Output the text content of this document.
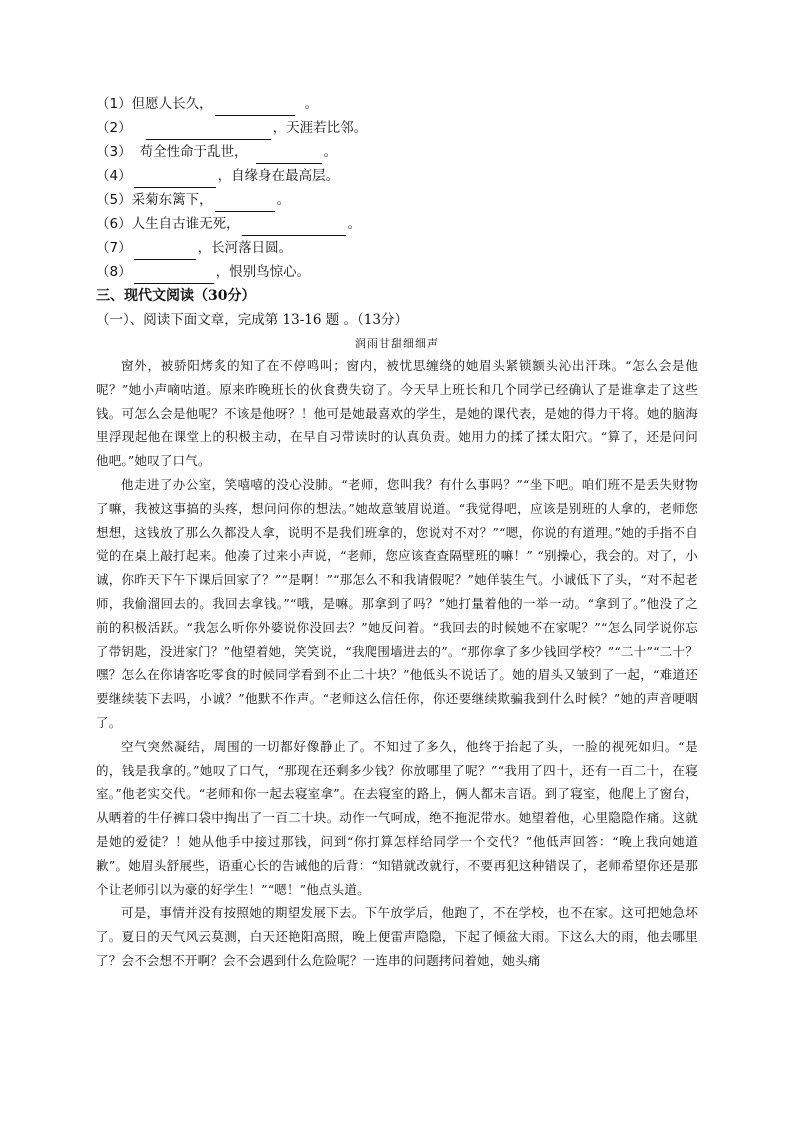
（1） 但愿人长久，	。
（2）	，天涯若比邻。
（3） 苟全性命于乱世，	。
（4）	，自缘身在最高层。
（5） 采菊东篱下，	。
（6） 人生自古谁无死，	。
（7）	，长河落日圆。
（8）	，恨别鸟惊心。
三、现代文阅读（30分）
（一）、阅读下面文章，完成第 13-16 题 。（13分）
润雨甘甜细细声

窗外，被骄阳烤炙的知了在不停鸣叫；窗内，被忧思缠绕的她眉头紧锁额头沁出汗珠。“怎么会是他呢？”她小声嘀咕道。原来昨晚班长的伙食费失窃了。今天早上班长和几个同学已经确认了是谁拿走了这些钱。可怎么会是他呢？不该是他呀？！他可是她最喜欢的学生，是她的课代表，是她的得力干将。她的脑海里浮现起他在课堂上的积极主动，在早自习带读时的认真负责。她用力的揉了揉太阳穴。“算了，还是问问他吧。”她叹了口气。

他走进了办公室，笑嘻嘻的没心没肺。“老师，您叫我？有什么事吗？”“坐下吧。咱们班不是丢失财物了嘛，我被这事搞的头疼，想问问你的想法。”她故意皱眉说道。“我觉得吧，应该是别班的人拿的，老师您想想，这钱放了那么久都没人拿，说明不是我们班拿的，您说对不对？”“嗯，你说的有道理。”她的手指不自觉的在桌上敲打起来。他凑了过来小声说，“老师，您应该查查隔壁班的嘛！” “别操心，我会的。对了，小诚，你昨天下午下课后回家了？”“是啊！”“那怎么不和我请假呢？”她佯装生气。小诚低下了头，“对不起老师，我偷溜回去的。我回去拿钱。”“哦，是嘛。那拿到了吗？”她打量着他的一举一动。“拿到了。”他没了之前的积极活跃。“我怎么听你外婆说你没回去？”她反问着。“我回去的时候她不在家呢？”“怎么同学说你忘了带钥匙，没进家门？”他望着她，笑笑说，“我爬围墙进去的”。“那你拿了多少钱回学校？”“二十”“二十？嘿？怎么在你请客吃零食的时候同学看到不止二十块？”他低头不说话了。她的眉头又皱到了一起，“难道还要继续装下去吗，小诚？”他默不作声。“老师这么信任你，你还要继续欺骗我到什么时候？”她的声音哽咽了。

空气突然凝结，周围的一切都好像静止了。不知过了多久，他终于抬起了头，一脸的视死如归。“是的，钱是我拿的。”她叹了口气，“那现在还剩多少钱？你放哪里了呢？”“我用了四十，还有一百二十，在寝室。”他老实交代。“老师和你一起去寝室拿”。在去寝室的路上，俩人都未言语。到了寝室，他爬上了窗台，从晒着的牛仔裤口袋中掏出了一百二十块。动作一气呵成，绝不拖泥带水。她望着他，心里隐隐作痛。这就是她的爱徒？！她从他手中接过那钱，问到“你打算怎样给同学一个交代？”他低声回答：“晚上我向她道歉”。她眉头舒展些，语重心长的告诫他的后背：“知错就改就行，不要再犯这种错误了，老师希望你还是那个让老师引以为豪的好学生！”“嗯！”他点头道。

可是，事情并没有按照她的期望发展下去。下午放学后，他跑了，不在学校，也不在家。这可把她急坏了。夏日的天气风云莫测，白天还艳阳高照，晚上便雷声隐隐，下起了倾盆大雨。下这么大的雨，他去哪里了？会不会想不开啊？会不会遇到什么危险呢？一连串的问题拷问着她，她头痛
